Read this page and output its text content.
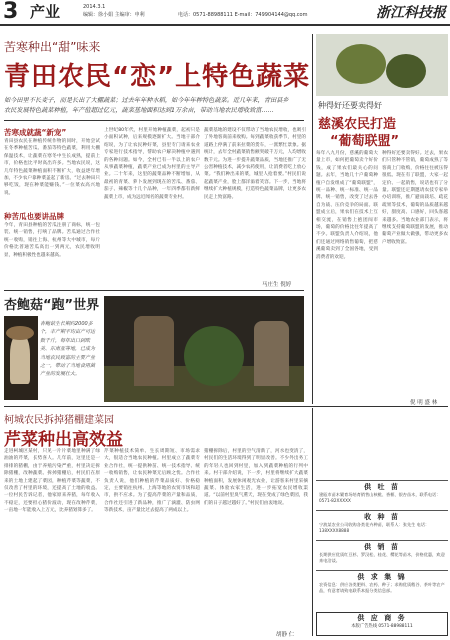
3 产业	2014.3.1
编辑：徐小娟 主编审：申利	电话：0571-88988111 E-mail：749904144@qq.com	浙江科技报
苦寒种出“甜”味来
青田农民“恋”上特色蔬菜
如今田里不长麦子，而是长出了大棚蔬菜；过去年年种水稻，如今年年种特色蔬菜。近几年来，青田县乡农民发展特色蔬菜种植，年产值超过亿元，蔬菜基地面积达到1万余亩，带动当地农民增收致富……
苦寒成就蔬“新宠”
青田县农民在种植传统作物的同时，开始尝试在冬季种植苦瓜、番茄等特色蔬菜，利用大棚保温技术，让蔬菜在寒冬中生长成熟，提前上市，价格也比平时高出许多。当地农民说，这几年特色蔬菜种植面积不断扩大，收益逐年增加，不少农户靠种菜盖起了新房。“过去种田只够吃饭，现在种菜能赚钱。”一位菜农高兴地说。
种苦瓜也要讲品牌
今年，青田县种植的苦瓜注册了商标，统一包装、统一销售，打响了品牌。苦瓜通过合作社统一收购，销往上海、杭州等大中城市，每斤价格比普通苦瓜高出一到两元，农民增收明显，种植积极性也越来越高。
上世纪80年代，村里开始种植蔬菜，起初只是小面积试种，后来规模逐渐扩大。当地干部介绍说，为了让农民种好菜，县里专门请来农业专家进行技术指导，帮助农户解决种植中遇到的各种问题。如今，全村已有一半以上的农户从事蔬菜种植，蔬菜产业已成为村里的主导产业。二十年来，这里的蔬菜品种不断增加，从最初的青菜、萝卜发展到现在的苦瓜、番茄、茄子、辣椒等十几个品种，一年四季都有新鲜蔬菜上市，成为远近闻名的蔬菜专业村。
蔬菜基地的建设不仅带动了当地农民增收，也吸引了外地客商前来收购。每到蔬菜收获季节，村里的道路上停满了前来拉菜的货车，一派繁忙景象。据统计，去年全村蔬菜销售额突破千万元，人均增收数千元。为进一步提升蔬菜品质，当地还推广了无公害种植技术，减少农药使用，让消费者吃上放心菜。“我们种出来的菜，城里人抢着要。”村民们说起蔬菜产业，脸上都洋溢着笑容。下一步，当地将继续扩大种植规模，打造特色蔬菜品牌，让更多农民走上致富路。
马庄生 倪婷
杏鲍菇“跑”世界
杏鲍菇生长期约2000多个，丰产期平均亩产可达数千斤，每年出口到欧美、东南亚等地，已成为当地农民致富的主要产业之一，带动了当地食用菌产业的发展壮大。
种得好还要卖得好
慈溪农民打造
“葡萄联盟”
每年八九月份，慈溪的葡萄大量上市，如何把葡萄卖个好价钱，成了果农们最关心的问题。去年，当地几十户葡萄种植户自发组成了“葡萄联盟”，统一品种、统一标准、统一品牌、统一销售，改变了过去各自为战、压价竞争的局面。联盟成立后，果农们在技术上互相交流，在销售上抱团闯市场，葡萄的价格比往年提高了不少。联盟负责人介绍说，他们还通过网络销售葡萄，把慈溪葡萄卖到了全国各地，受到消费者的欢迎。
种得好还要卖得好。过去，果农们只管种不管销，葡萄成熟了等客商上门收购，价格往往被压得很低。现在有了联盟，大家一起定价、一起销售，说话也有了分量。联盟还定期邀请农技专家举办培训班，推广避雨栽培、疏花疏果等技术，葡萄的品质越来越好，甜度高、口感好，回头客越来越多。当地农业部门表示，将继续支持葡萄联盟的发展，推动葡萄产业做大做强，带动更多农户增收致富。
倪 明 盛 林
柯城农民拆掉猪棚建菜园
芹菜种出高效益
走进柯城区某村，只见一片片菜地里种满了绿油油的芹菜，长势喜人。几年前，这里还是一排排的猪棚，由于养殖污染严重，村里决定拆除猪棚，改种蔬菜。拆掉猪棚后，村民们在原来的土地上建起了菜园，种植芹菜等蔬菜，不仅改善了村里的环境，还提高了土地的收益。一位村民告诉记者，他家原来养猪，每年收入不稳定，还要担心猪价波动，现在改种芹菜，一亩地一年能收入上万元，比养猪划算多了。
芹菜种植技术简单、生长周期短、市场需求大，很适合当地农民种植。村里成立了蔬菜专业合作社，统一提供种苗、统一技术指导、统一收购销售，让农民种菜无后顾之忧。合作社负责人说，他们种植的芹菜品质好、价格稳定，主要销往杭州、上海等地的农贸市场和超市，供不应求。为了提高芹菜的产量和品质，合作社还引进了新品种，推广了滴灌、防虫网等新技术，亩产量比过去提高了两成以上。
猪棚拆除后，村里的空气清新了，河水也变清了，村民们的生活环境得到了明显改善。不少外出务工的年轻人也回到村里，加入到蔬菜种植的行列中来。村干部介绍说，下一步，村里将继续扩大蔬菜种植面积，发展休闲观光农业，让游客来村里采摘蔬菜、体验农家生活，进一步拓宽农民增收渠道。“以前村里臭气熏天，现在变成了绿色菜园，我们的日子越过越好了。”村民们由衷地说。
胡静 仁
供 吐 苗
建瓯市苗木繁育场培育销售山核桃、香榧、银杏苗木，联系电话：0571-82XXXXX
收 种 苗
宁波某农业公司收购各类花卉种苗，联系人：张先生 电话：138XXXX8888
供 销 苗
长期供应优质红豆杉、罗汉松、桂花、樱花等苗木，价格优惠，欢迎来电洽谈。
供 求 集 锦
农资信息：供应各类肥料、农药、种子；求购优质稻谷、茶叶等农产品，有意者请致电联系本报分类信息部。
供 应 商 务
本版广告热线 0571-88988111
